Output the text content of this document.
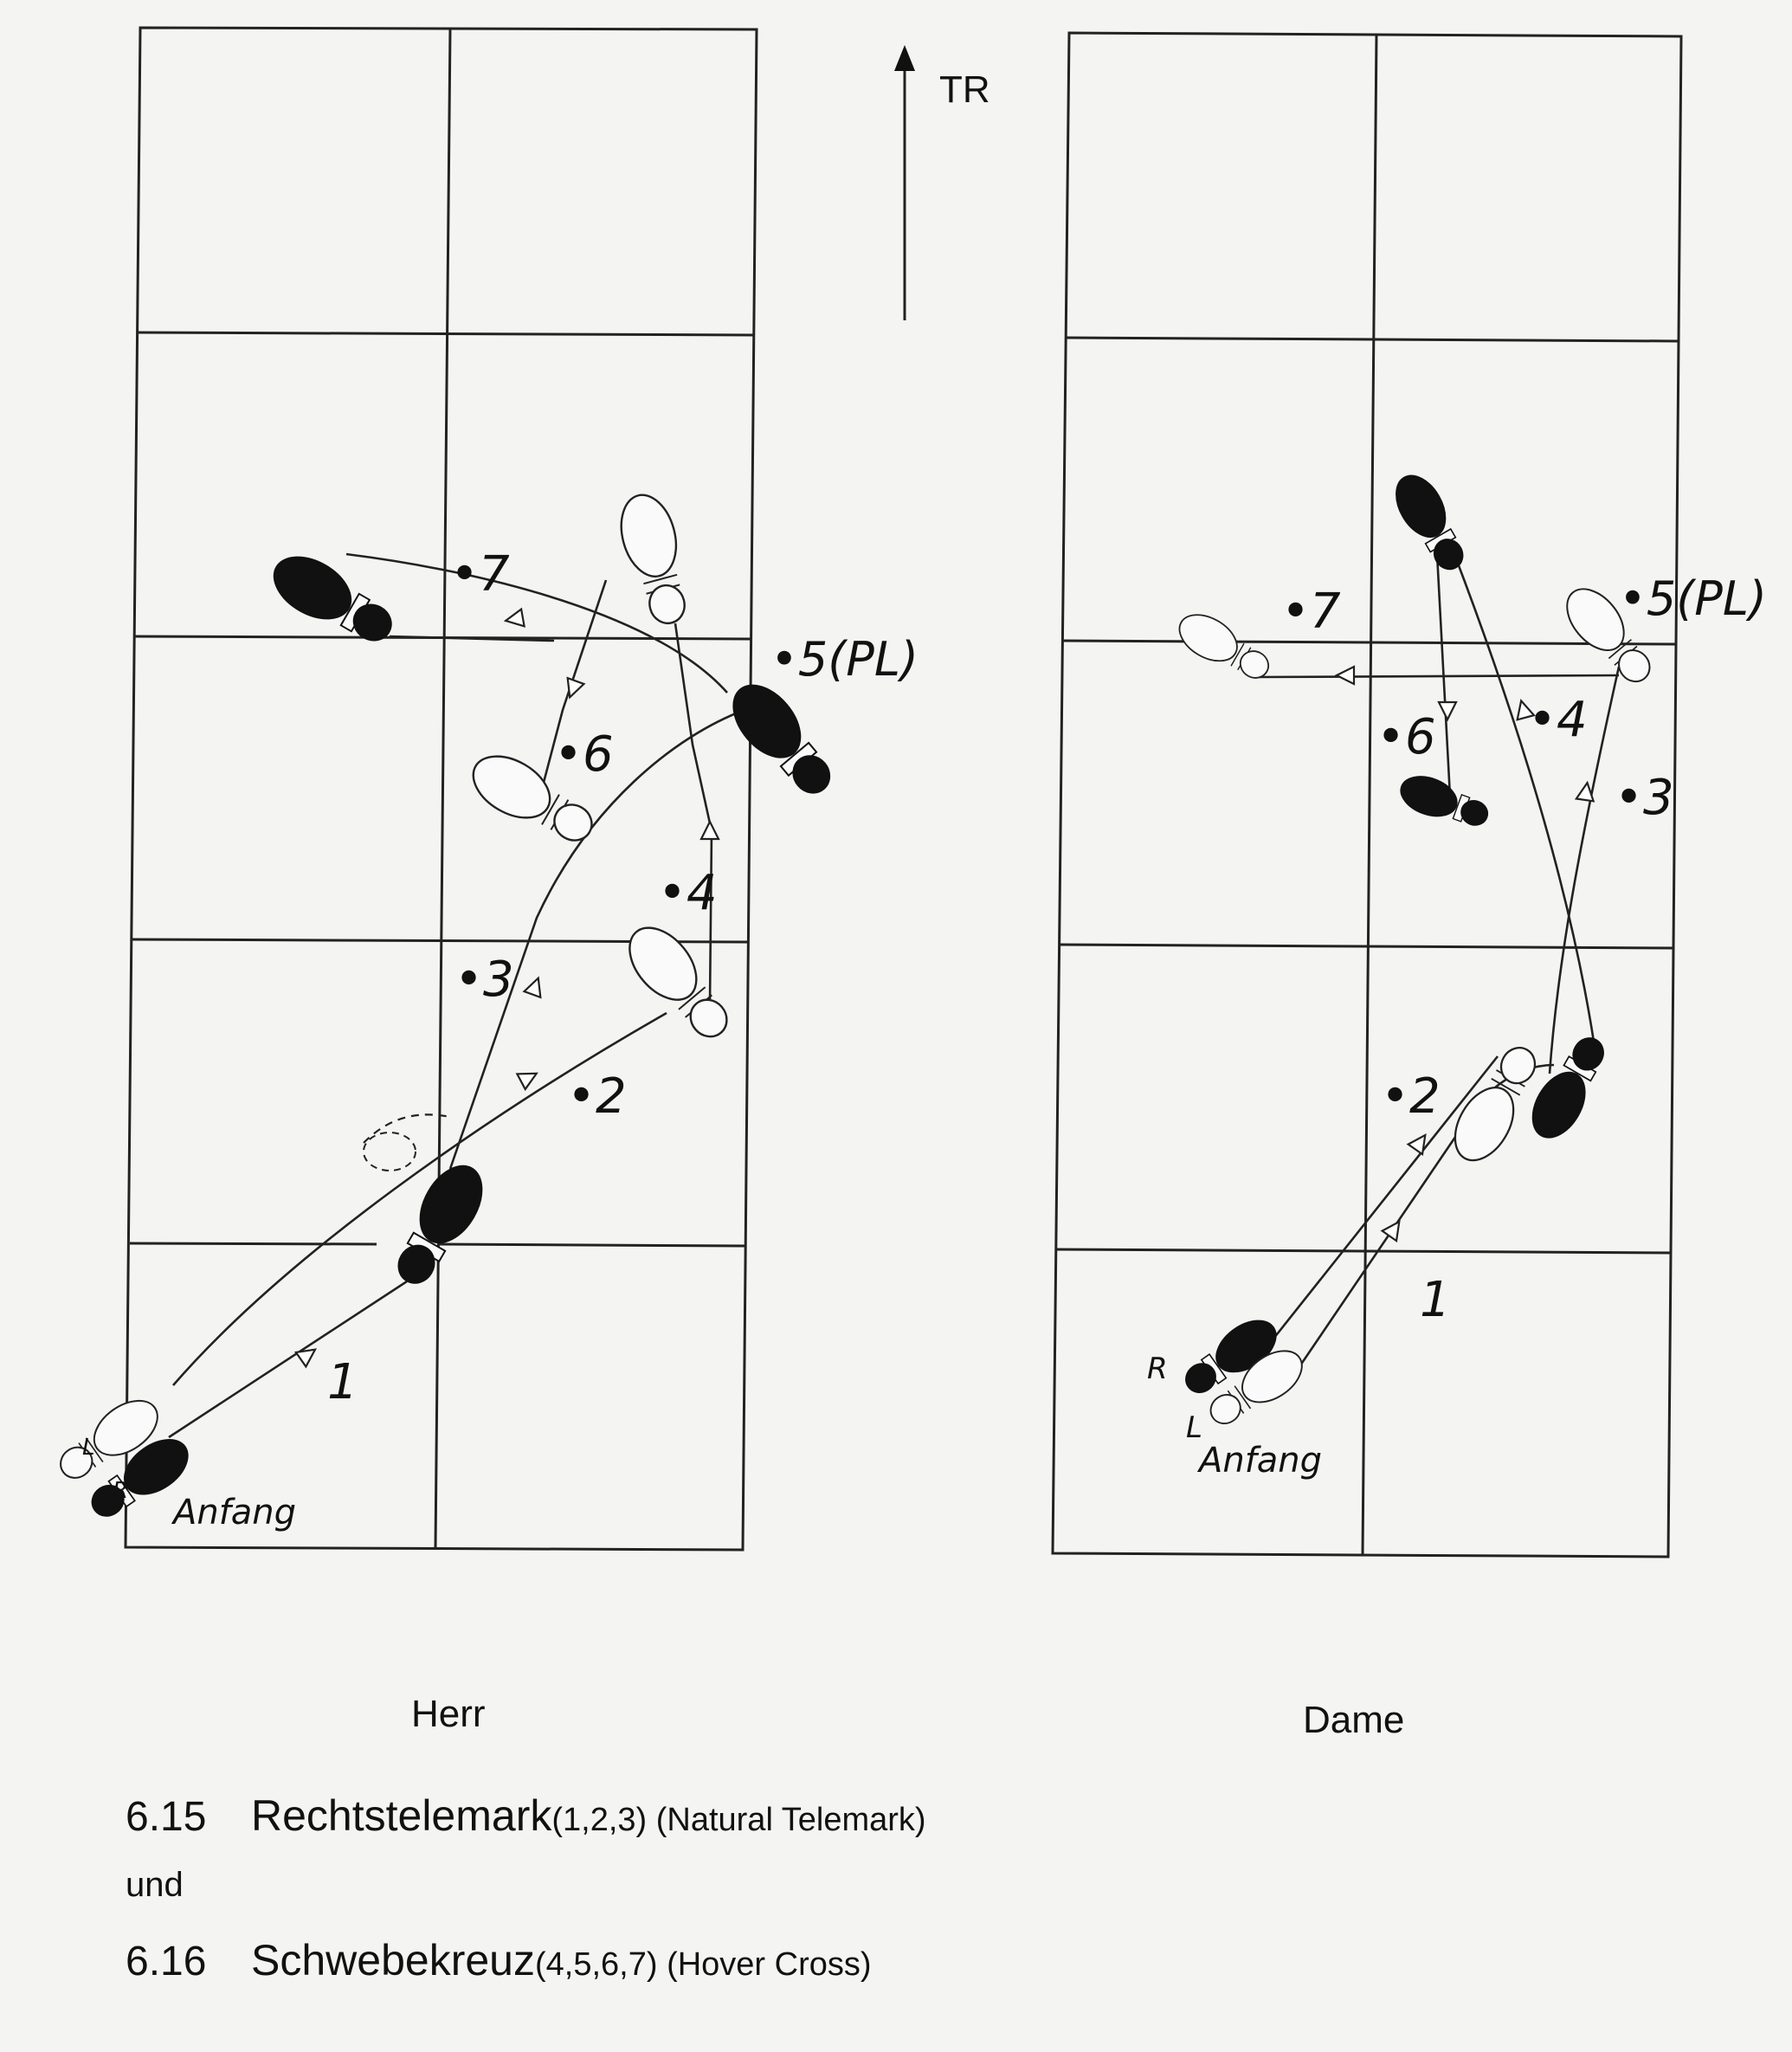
L
R
1
•2
•3
•4
•5(PL)
•6
•7
Anfang
TR
R
L
1
•2
•3
•4
•5(PL)
•6
•7
Anfang
Herr	Dame
6.15 Rechtstelemark(1,2,3) (Natural Telemark)
und
6.16 Schwebekreuz(4,5,6,7) (Hover Cross)
